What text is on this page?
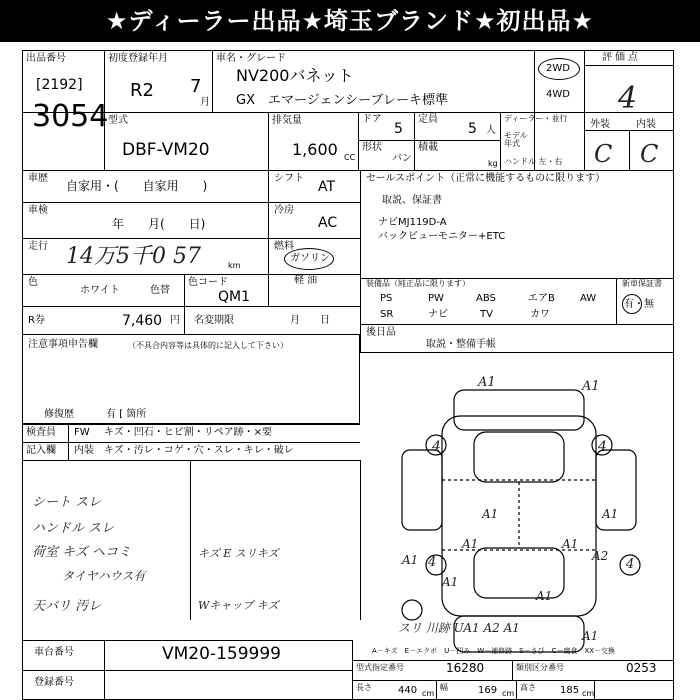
★ディーラー出品★埼玉ブランド★初出品★
出品番号
[2192]
3054
初度登録年月
R2 7
月
車名・グレード
NV200バネット
GX　エマージェンシーブレーキ標準
2WD
4WD
評価点
4
外装	内装
C C
型式
DBF-VM20
排気量
1,600 CC
ドア
5
定員
5 人
ディーラー・並行
モデル年式
形状
バン
積載
kg ハンドル 左・右
車歴
自家用・(　　自家用　　)
車検
年　　月(　　日)
走行 14万5千0 57	km
色
ホワイト	色替
色コード
QM1
R券	7,460 円 名変期限	月　　日
シフト
AT
冷房
AC
燃料
ガソリン
軽 油
注意事項申告欄	（不具合内容等は具体的に記入して下さい）
修復歴	有 [ 箇所
セールスポイント（正常に機能するものに限ります）
取説、保証書
ナビMJ119D-A
バックビューモニター+ETC
装備品（純正品に限ります）	新車保証書
有・無
PS	PW	ABS	エアB	AW
SR	ナビ	TV	カワ
後日品
取説・整備手帳
検査員
記入欄
FW キズ・凹石・ヒビ割・リペア跡・×要
内装 キズ・汚レ・コゲ・穴・スレ・キレ・破レ
シート スレ
ハンドル スレ
荷室 キズ ヘコミ	キズ E スリキズ
タイヤハウス有
天バリ 汚レ	Wキャップ キズ
スリ 川跡 UA1 A2 A1
A1	A1
4	4
A1	A1
A1	A1
A1	A2
4	4
A1
A1
A1
A－キズ　E－エクボ　U－凹み　W－補修跡　S－さび　C－腐食　XX－交換
車台番号	VM20-159999
登録番号
型式指定番号	16280	類別区分番号	0253
長さ	440 cm
幅	169 cm
高さ 185 cm
